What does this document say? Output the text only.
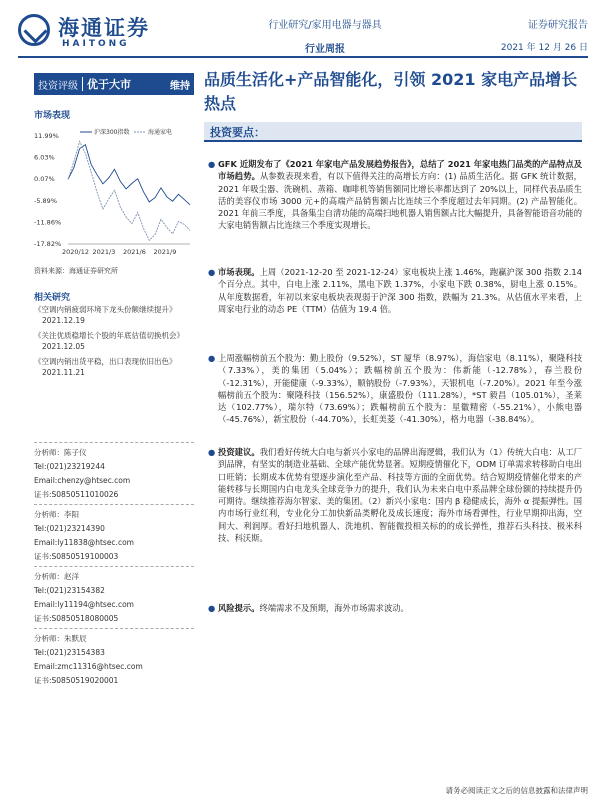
海通证券
HAITONG
行业研究/家用电器与器具
行业周报
证券研究报告
2021 年 12 月 26 日
投资评级 优于大市	维持 品质生活化+产品智能化，引领 2021 家电产品增长热点
市场表现
11.99%
6.03%
0.07%
-5.89%
-11.86%
-17.82%
2020/12 2021/3 2021/6 2021/9
沪深300指数	海通家电
资料来源：海通证券研究所
相关研究
《空调内销疲弱环境下龙头份额继续提升》
2021.12.19
《关注优质稳增长个股的年底估值切换机会》
2021.12.05
《空调内销出货平稳，出口表现依旧出色》
2021.11.21
分析师：陈子仪
Tel:(021)23219244
Email:chenzy@htsec.com
证书:S0850511010026
分析师：李阳
Tel:(021)23214390
Email:ly11838@htsec.com
证书:S0850519100003
分析师：赵洋
Tel:(021)23154382
Email:ly11194@htsec.com
证书:S0850518080005
分析师：朱默辰
Tel:(021)23154383
Email:zmc11316@htsec.com
证书:S0850519020001
投资要点：
● GFK 近期发布了《2021 年家电产品发展趋势报告》，总结了 2021 年家电热门品类的产品特点及市场趋势。从参数表现来看，有以下值得关注的高增长方向：(1) 品质生活化。据 GFK 统计数据，2021 年吸尘器、洗碗机、蒸箱、咖啡机等销售额同比增长率都达到了 20%以上，同样代表品质生活的美容仪市场 3000 元+的高端产品销售额占比连续三个季度超过去年同期。(2) 产品智能化。2021 年前三季度，具备集尘自清功能的高端扫地机器人销售额占比大幅提升，具备智能语音功能的大家电销售额占比连续三个季度实现增长。
● 市场表现。上周（2021-12-20 至 2021-12-24）家电板块上涨 1.46%，跑赢沪深 300 指数 2.14 个百分点。其中，白电上涨 2.11%，黑电下跌 1.37%，小家电下跌 0.38%，厨电上涨 0.15%。从年度数据看，年初以来家电板块表现弱于沪深 300 指数，跌幅为 21.3%。从估值水平来看，上周家电行业的动态 PE（TTM）估值为 19.4 倍。
● 上周涨幅榜前五个股为：勤上股份（9.52%），ST 厦华（8.97%），海信家电（8.11%），聚隆科技（7.33%），美的集团（5.04%）；跌幅榜前五个股为：伟新能（-12.78%），春兰股份（-12.31%），开能健康（-9.33%），顺钠股份（-7.93%），天银机电（-7.20%）。2021 年至今涨幅榜前五个股为：聚隆科技（156.52%），康盛股份（111.28%），*ST 毅昌（105.01%），圣莱达（102.77%），瑞尔特（73.69%）；跌幅榜前五个股为：星徽精密（-55.21%），小熊电器（-45.76%），新宝股份（-44.70%），长虹美菱（-41.30%），格力电器（-38.84%）。
● 投资建议。我们看好传统大白电与新兴小家电的品牌出海逻辑，我们认为（1）传统大白电：从工厂到品牌，有坚实的制造业基础、全球产能优势显著。短期疫情催化下，ODM 订单需求转移助白电出口旺销；长期成本优势有望逐步演化至产品、科技等方面的全面优势。结合短期疫情催化带来的产能转移与长期国内白电龙头全球竞争力的提升，我们认为未来白电中系品牌全球份额的持续提升仍可期待。继续推荐海尔智家、美的集团。（2）新兴小家电：国内 β 稳健成长，海外 α 提振弹性。国内市场行业红利，专业化分工加快新品类孵化及成长速度；海外市场看弹性，行业早期抑出海，空间大、利润厚。看好扫地机器人、洗地机、智能微投相关标的的成长弹性，推荐石头科技、极米科技、科沃斯。
● 风险提示。终端需求不及预期，海外市场需求波动。
请务必阅读正文之后的信息披露和法律声明
